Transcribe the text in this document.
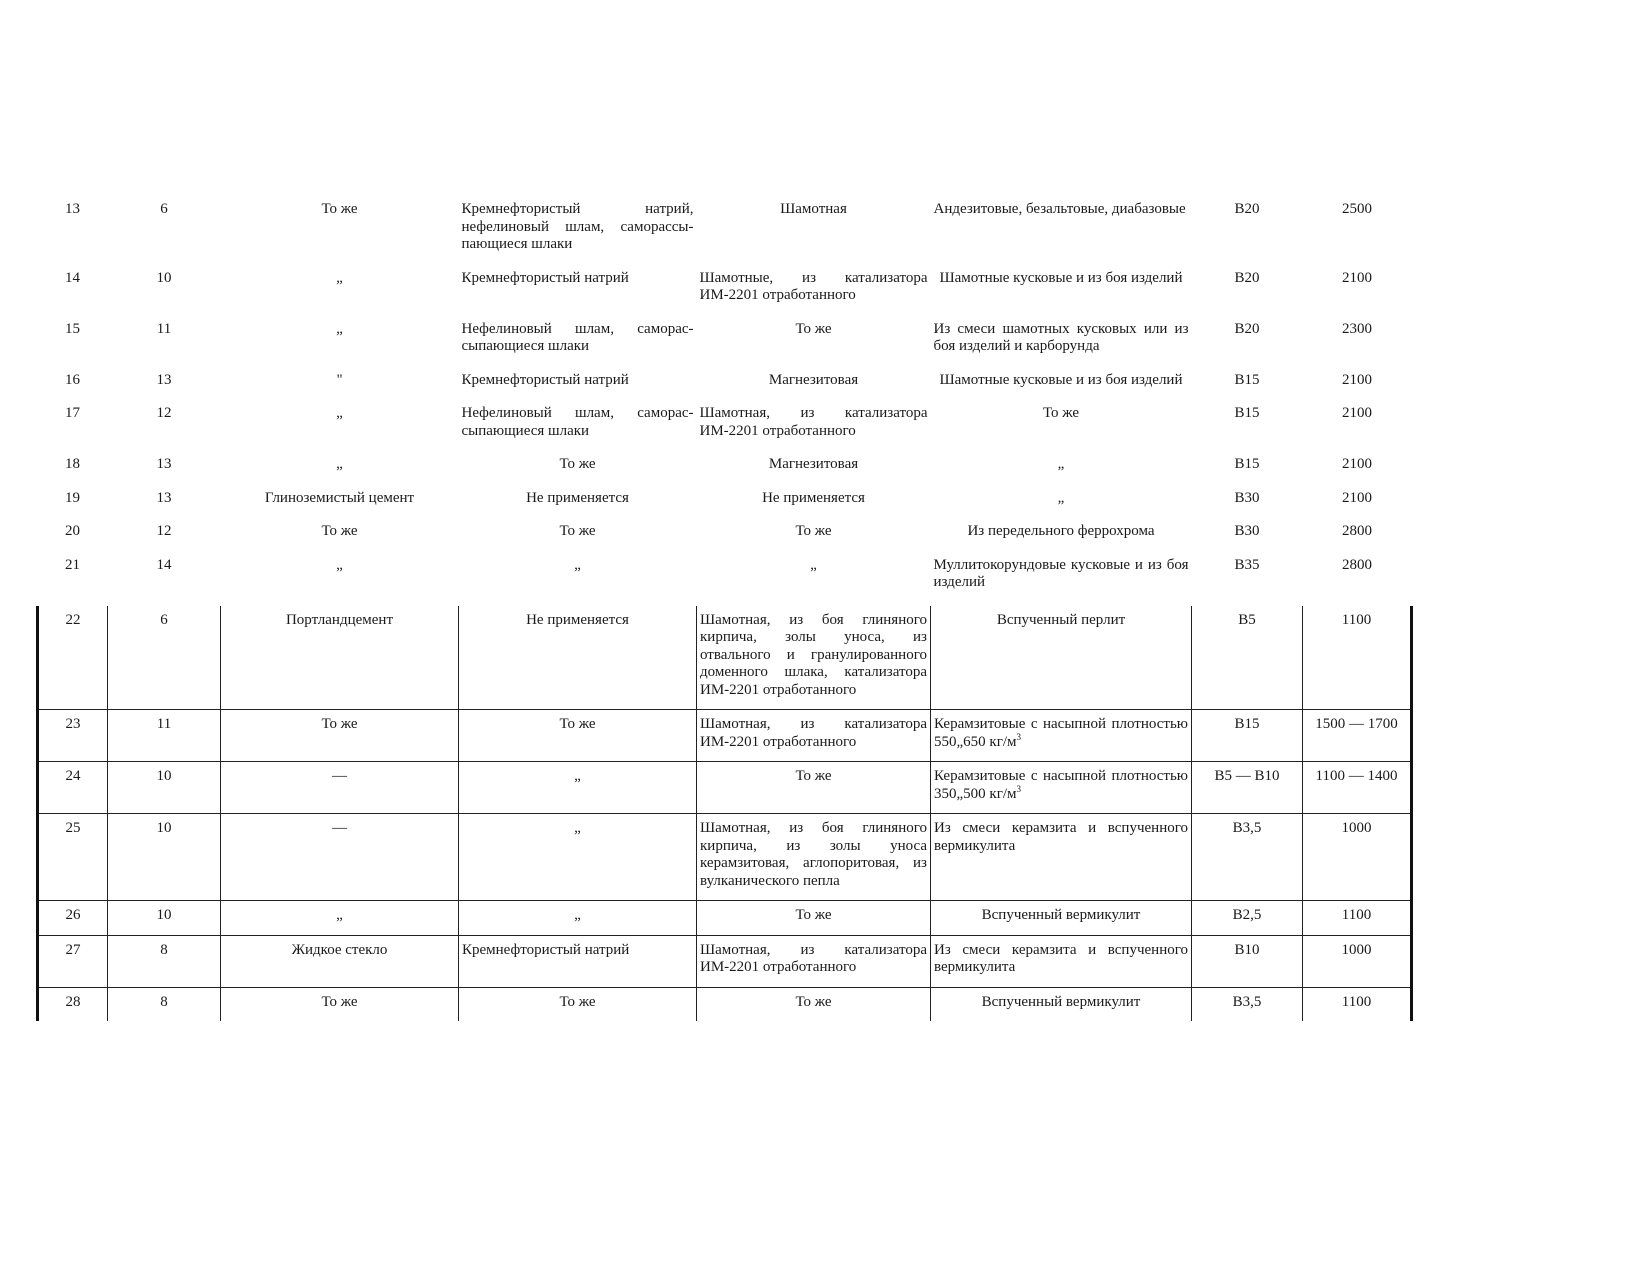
13	6	То же	Кремнефтористый натрий, нефелиновый шлам, саморассы-пающиеся шлаки	Шамотная	Андезитовые, безальтовые, диабазовые	В20	2500
14	10	„	Кремнефтористый натрий	Шамотные, из катализатора ИМ-2201 отработанного	Шамотные кусковые и из боя изделий	В20	2100
15	11	„	Нефелиновый шлам, саморас-сыпающиеся шлаки	То же	Из смеси шамотных кусковых или из боя изделий и карборунда	В20	2300
16	13	"	Кремнефтористый натрий	Магнезитовая	Шамотные кусковые и из боя изделий	В15	2100
17	12	„	Нефелиновый шлам, саморас-сыпающиеся шлаки	Шамотная, из катализатора ИМ-2201 отработанного	То же	В15	2100
18	13	„	То же	Магнезитовая	„	В15	2100
19	13	Глиноземистый цемент	Не применяется	Не применяется	„	В30	2100
20	12	То же	То же	То же	Из передельного феррохрома	В30	2800
21	14	„	„	„	Муллитокорундовые кусковые и из боя изделий	В35	2800
22	6	Портландцемент	Не применяется	Шамотная, из боя глиняного кирпича, золы уноса, из отвального и гранулированного доменного шлака, катализатора ИМ-2201 отработанного	Вспученный перлит	В5	1100
23	11	То же	То же	Шамотная, из катализатора ИМ-2201 отработанного	Керамзитовые с насыпной плотностью 550„650 $кг/м^3$	В15	1500 — 1700
24	10	—	„	То же	Керамзитовые с насыпной плотностью 350„500 $кг/м^3$	В5 — В10	1100 — 1400
25	10	—	„	Шамотная, из боя глиняного кирпича, из золы уноса керамзитовая, аглопоритовая, из вулканического пепла	Из смеси керамзита и вспученного вермикулита	В3,5	1000
26	10	„	„	То же	Вспученный вермикулит	В2,5	1100
27	8	Жидкое стекло	Кремнефтористый натрий	Шамотная, из катализатора ИМ-2201 отработанного	Из смеси керамзита и вспученного вермикулита	В10	1000
28	8	То же	То же	То же	Вспученный вермикулит	В3,5	1100
